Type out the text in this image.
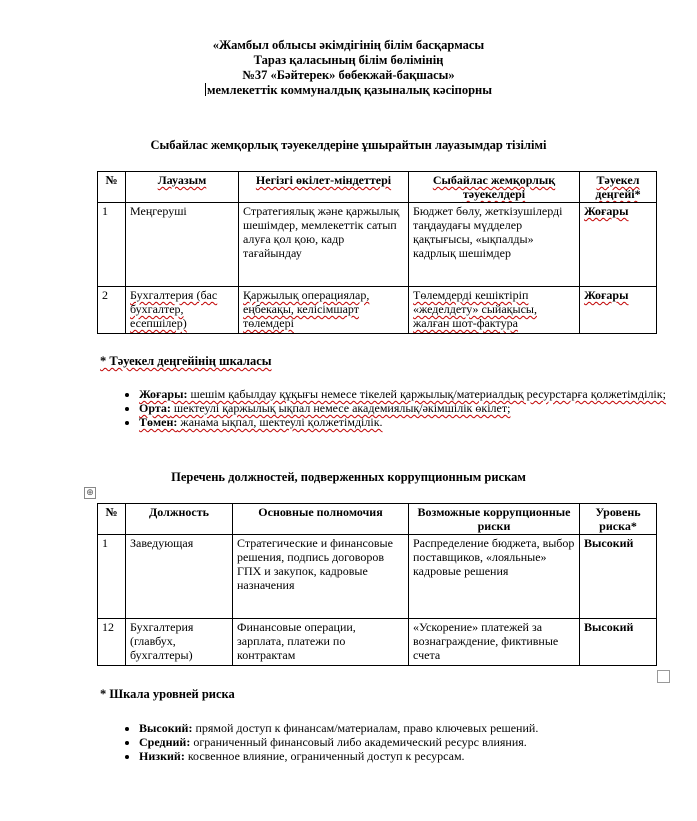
«Жамбыл облысы әкімдігінің білім басқармасы
Тараз қаласының білім бөлімінің
№37 «Бәйтерек» бөбекжай-бақшасы»
мемлекеттік коммуналдық қазыналық кәсіпорны
Сыбайлас жемқорлық тәуекелдеріне ұшырайтын лауазымдар тізілімі
№	Лауазым	Негізгі өкілет-міндеттері	Сыбайлас жемқорлық тәуекелдері	Тәуекел деңгейі*
1	Меңгеруші	Стратегиялық және қаржылық шешімдер, мемлекеттік сатып алуға қол қою, кадр тағайындау	Бюджет бөлу, жеткізушілерді таңдаудағы мүдделер қақтығысы, «ықпалды» кадрлық шешімдер	Жоғары
2	Бухгалтерия (бас бухгалтер, есепшілер)	Қаржылық операциялар, еңбекақы, келісімшарт төлемдері	Төлемдерді кешіктіріп «жеделдету» сыйақысы, жалған шот-фактура	Жоғары
* Тәуекел деңгейінің шкаласы
• Жоғары: шешім қабылдау құқығы немесе тікелей қаржылық/материалдық ресурстарға қолжетімділік;
• Орта: шектеулі қаржылық ықпал немесе академиялық/әкімшілік өкілет;
• Төмен: жанама ықпал, шектеулі қолжетімділік.
Перечень должностей, подверженных коррупционным рискам
⊕
№	Должность	Основные полномочия	Возможные коррупционные риски	Уровень риска*
1	Заведующая	Стратегические и финансовые решения, подпись договоров ГПХ и закупок, кадровые назначения	Распределение бюджета, выбор поставщиков, «лояльные» кадровые решения	Высокий
12	Бухгалтерия (главбух, бухгалтеры)	Финансовые операции, зарплата, платежи по контрактам	«Ускорение» платежей за вознаграждение, фиктивные счета	Высокий
* Шкала уровней риска
• Высокий: прямой доступ к финансам/материалам, право ключевых решений.
• Средний: ограниченный финансовый либо академический ресурс влияния.
• Низкий: косвенное влияние, ограниченный доступ к ресурсам.
